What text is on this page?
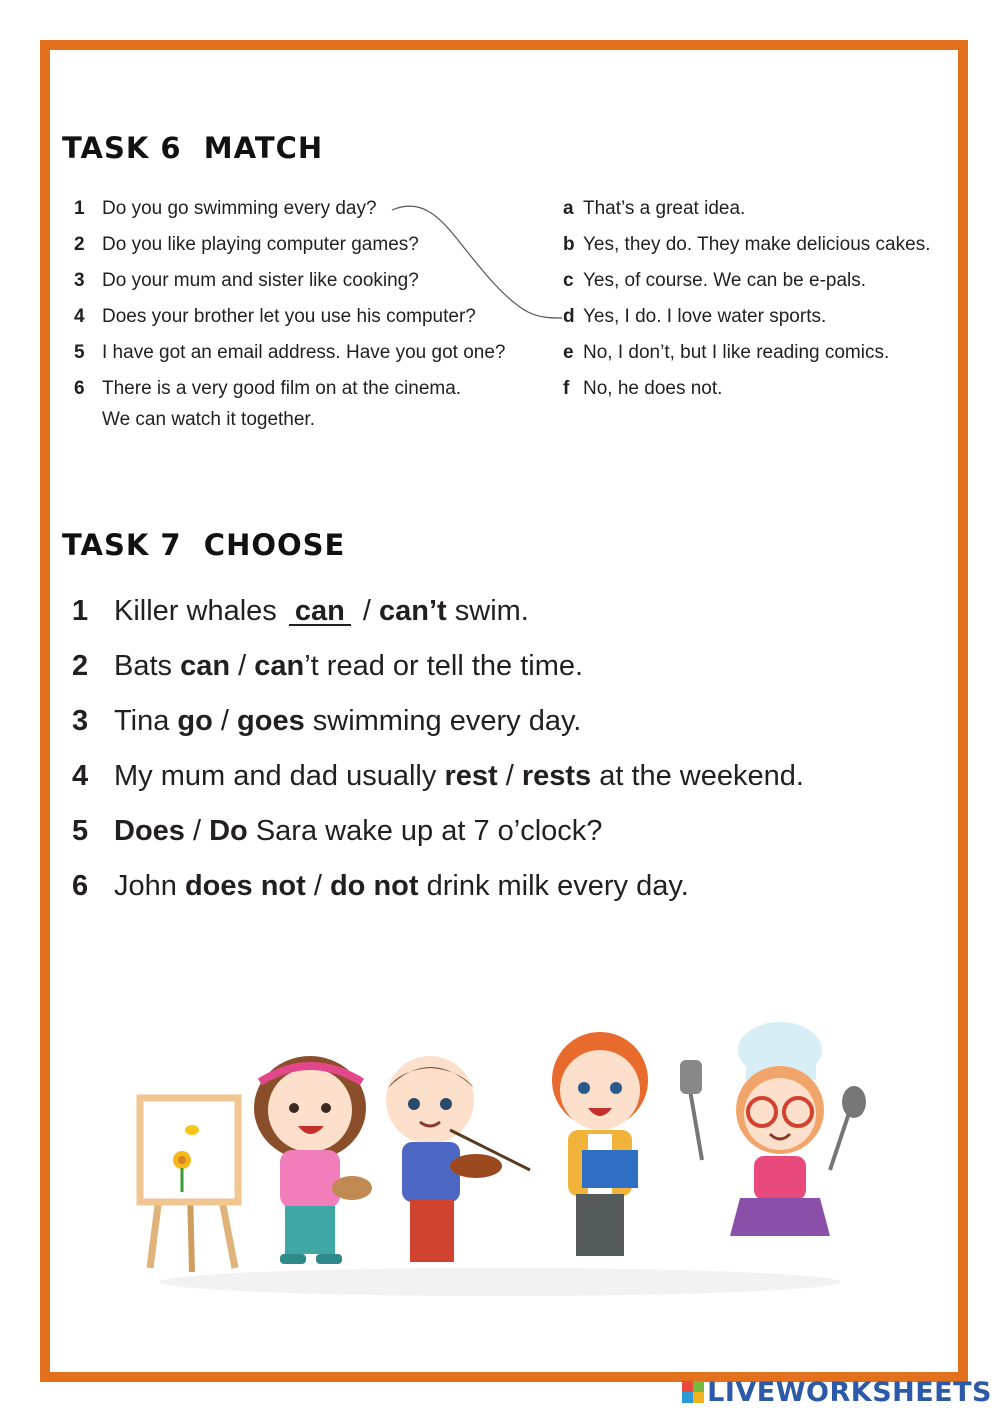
TASK 6  MATCH
1 Do you go swimming every day?
2 Do you like playing computer games?
3 Do your mum and sister like cooking?
4 Does your brother let you use his computer?
5 I have got an email address. Have you got one?
6 There is a very good film on at the cinema.
We can watch it together.
a That’s a great idea.
b Yes, they do. They make delicious cakes.
c Yes, of course. We can be e-pals.
d Yes, I do. I love water sports.
e No, I don’t, but I like reading comics.
f No, he does not.
TASK 7  CHOOSE
1 Killer whales can / can’t swim.
2 Bats can / can’t read or tell the time.
3 Tina go / goes swimming every day.
4 My mum and dad usually rest / rests at the weekend.
5 Does / Do Sara wake up at 7 o’clock?
6 John does not / do not drink milk every day.
LIVEWORKSHEETS
